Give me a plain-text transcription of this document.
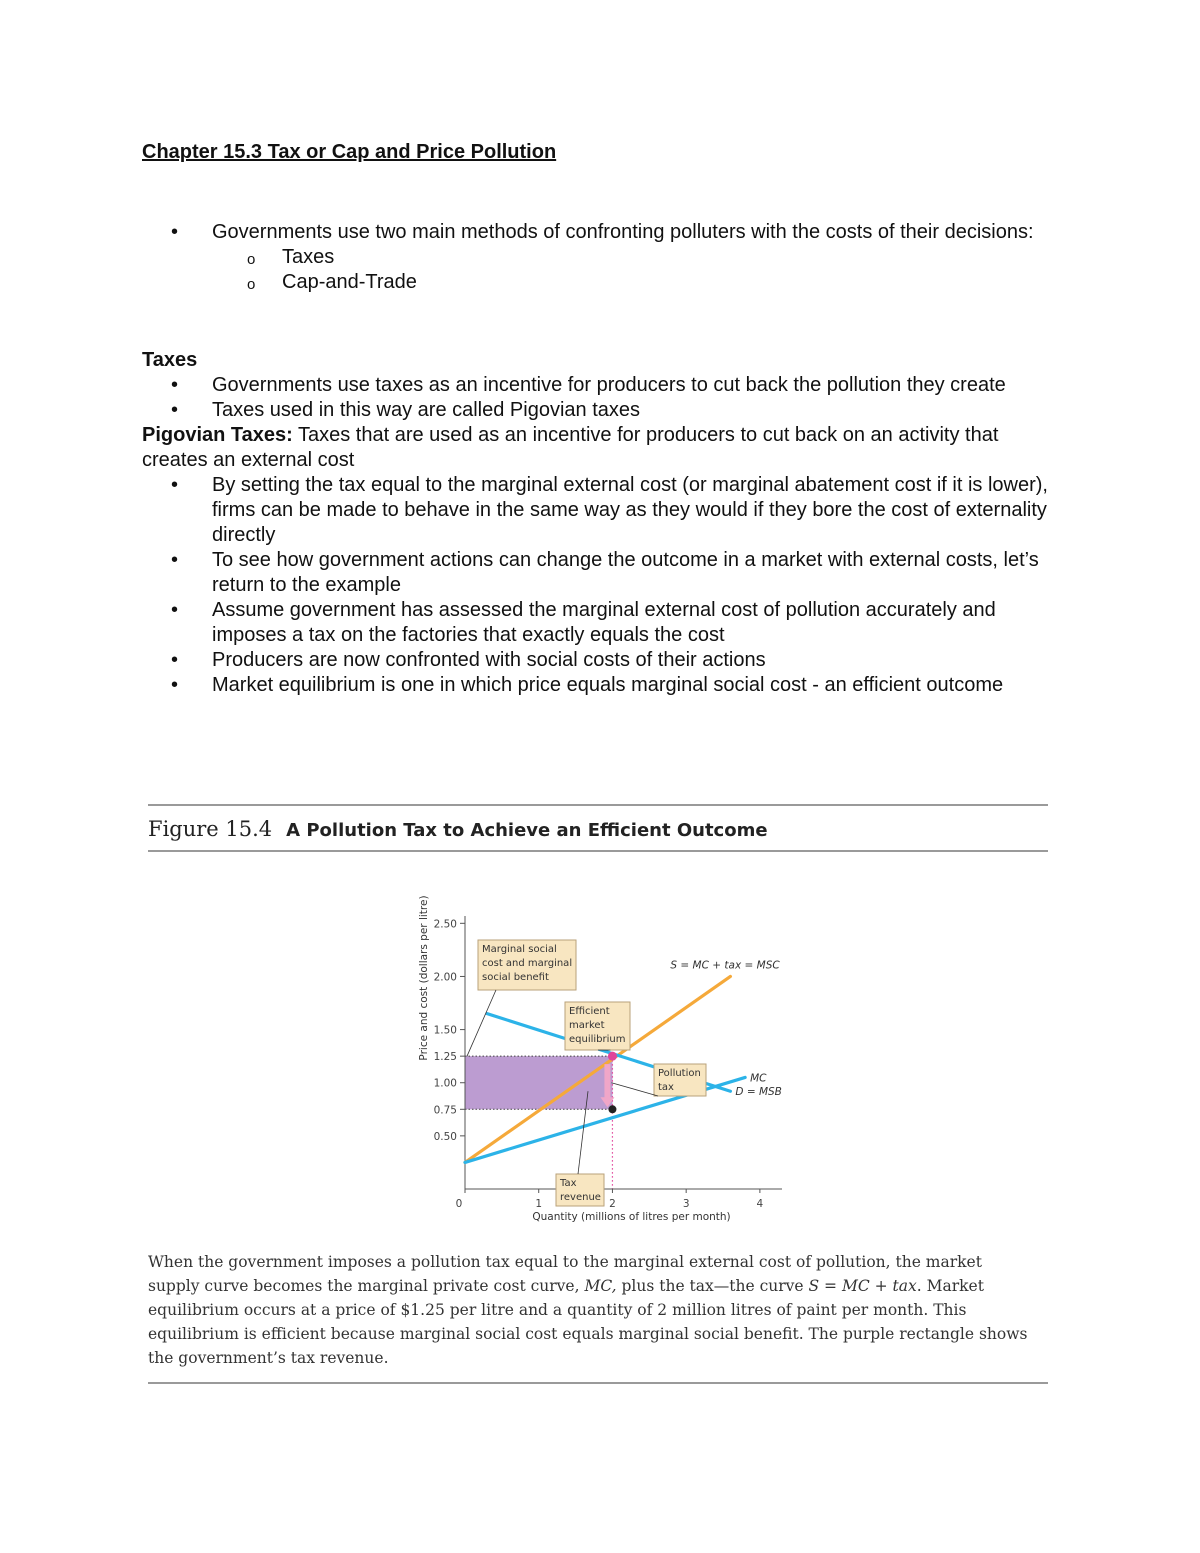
Chapter 15.3 Tax or Cap and Price Pollution
• Governments use two main methods of confronting polluters with the costs of their decisions:
o Taxes
o Cap-and-Trade

Taxes

• Governments use taxes as an incentive for producers to cut back the pollution they create
• Taxes used in this way are called Pigovian taxes

Pigovian Taxes: Taxes that are used as an incentive for producers to cut back on an activity that creates an external cost

• By setting the tax equal to the marginal external cost (or marginal abatement cost if it is lower), firms can be made to behave in the same way as they would if they bore the cost of externality directly
• To see how government actions can change the outcome in a market with external costs, let’s return to the example
• Assume government has assessed the marginal external cost of pollution accurately and imposes a tax on the factories that exactly equals the cost
• Producers are now confronted with social costs of their actions
• Market equilibrium is one in which price equals marginal social cost - an efficient outcome

Figure 15.4 A Pollution Tax to Achieve an Efficient Outcome

0.50
0.75
1.00
1.25
1.50
2.00
2.50
0	1	2	3	4
Quantity (millions of litres per month)
Price and cost (dollars per litre)	S = MC + tax = MSC
MC
D = MSB
Marginal social
cost and marginal
social benefit
Efficient
market
equilibrium
Pollution
tax
Tax
revenue

When the government imposes a pollution tax equal to the marginal external cost of pollution, the market supply curve becomes the marginal private cost curve, MC, plus the tax—the curve S = MC + tax. Market equilibrium occurs at a price of $1.25 per litre and a quantity of 2 million litres of paint per month. This equilibrium is efficient because marginal social cost equals marginal social benefit. The purple rectangle shows the government’s tax revenue.
